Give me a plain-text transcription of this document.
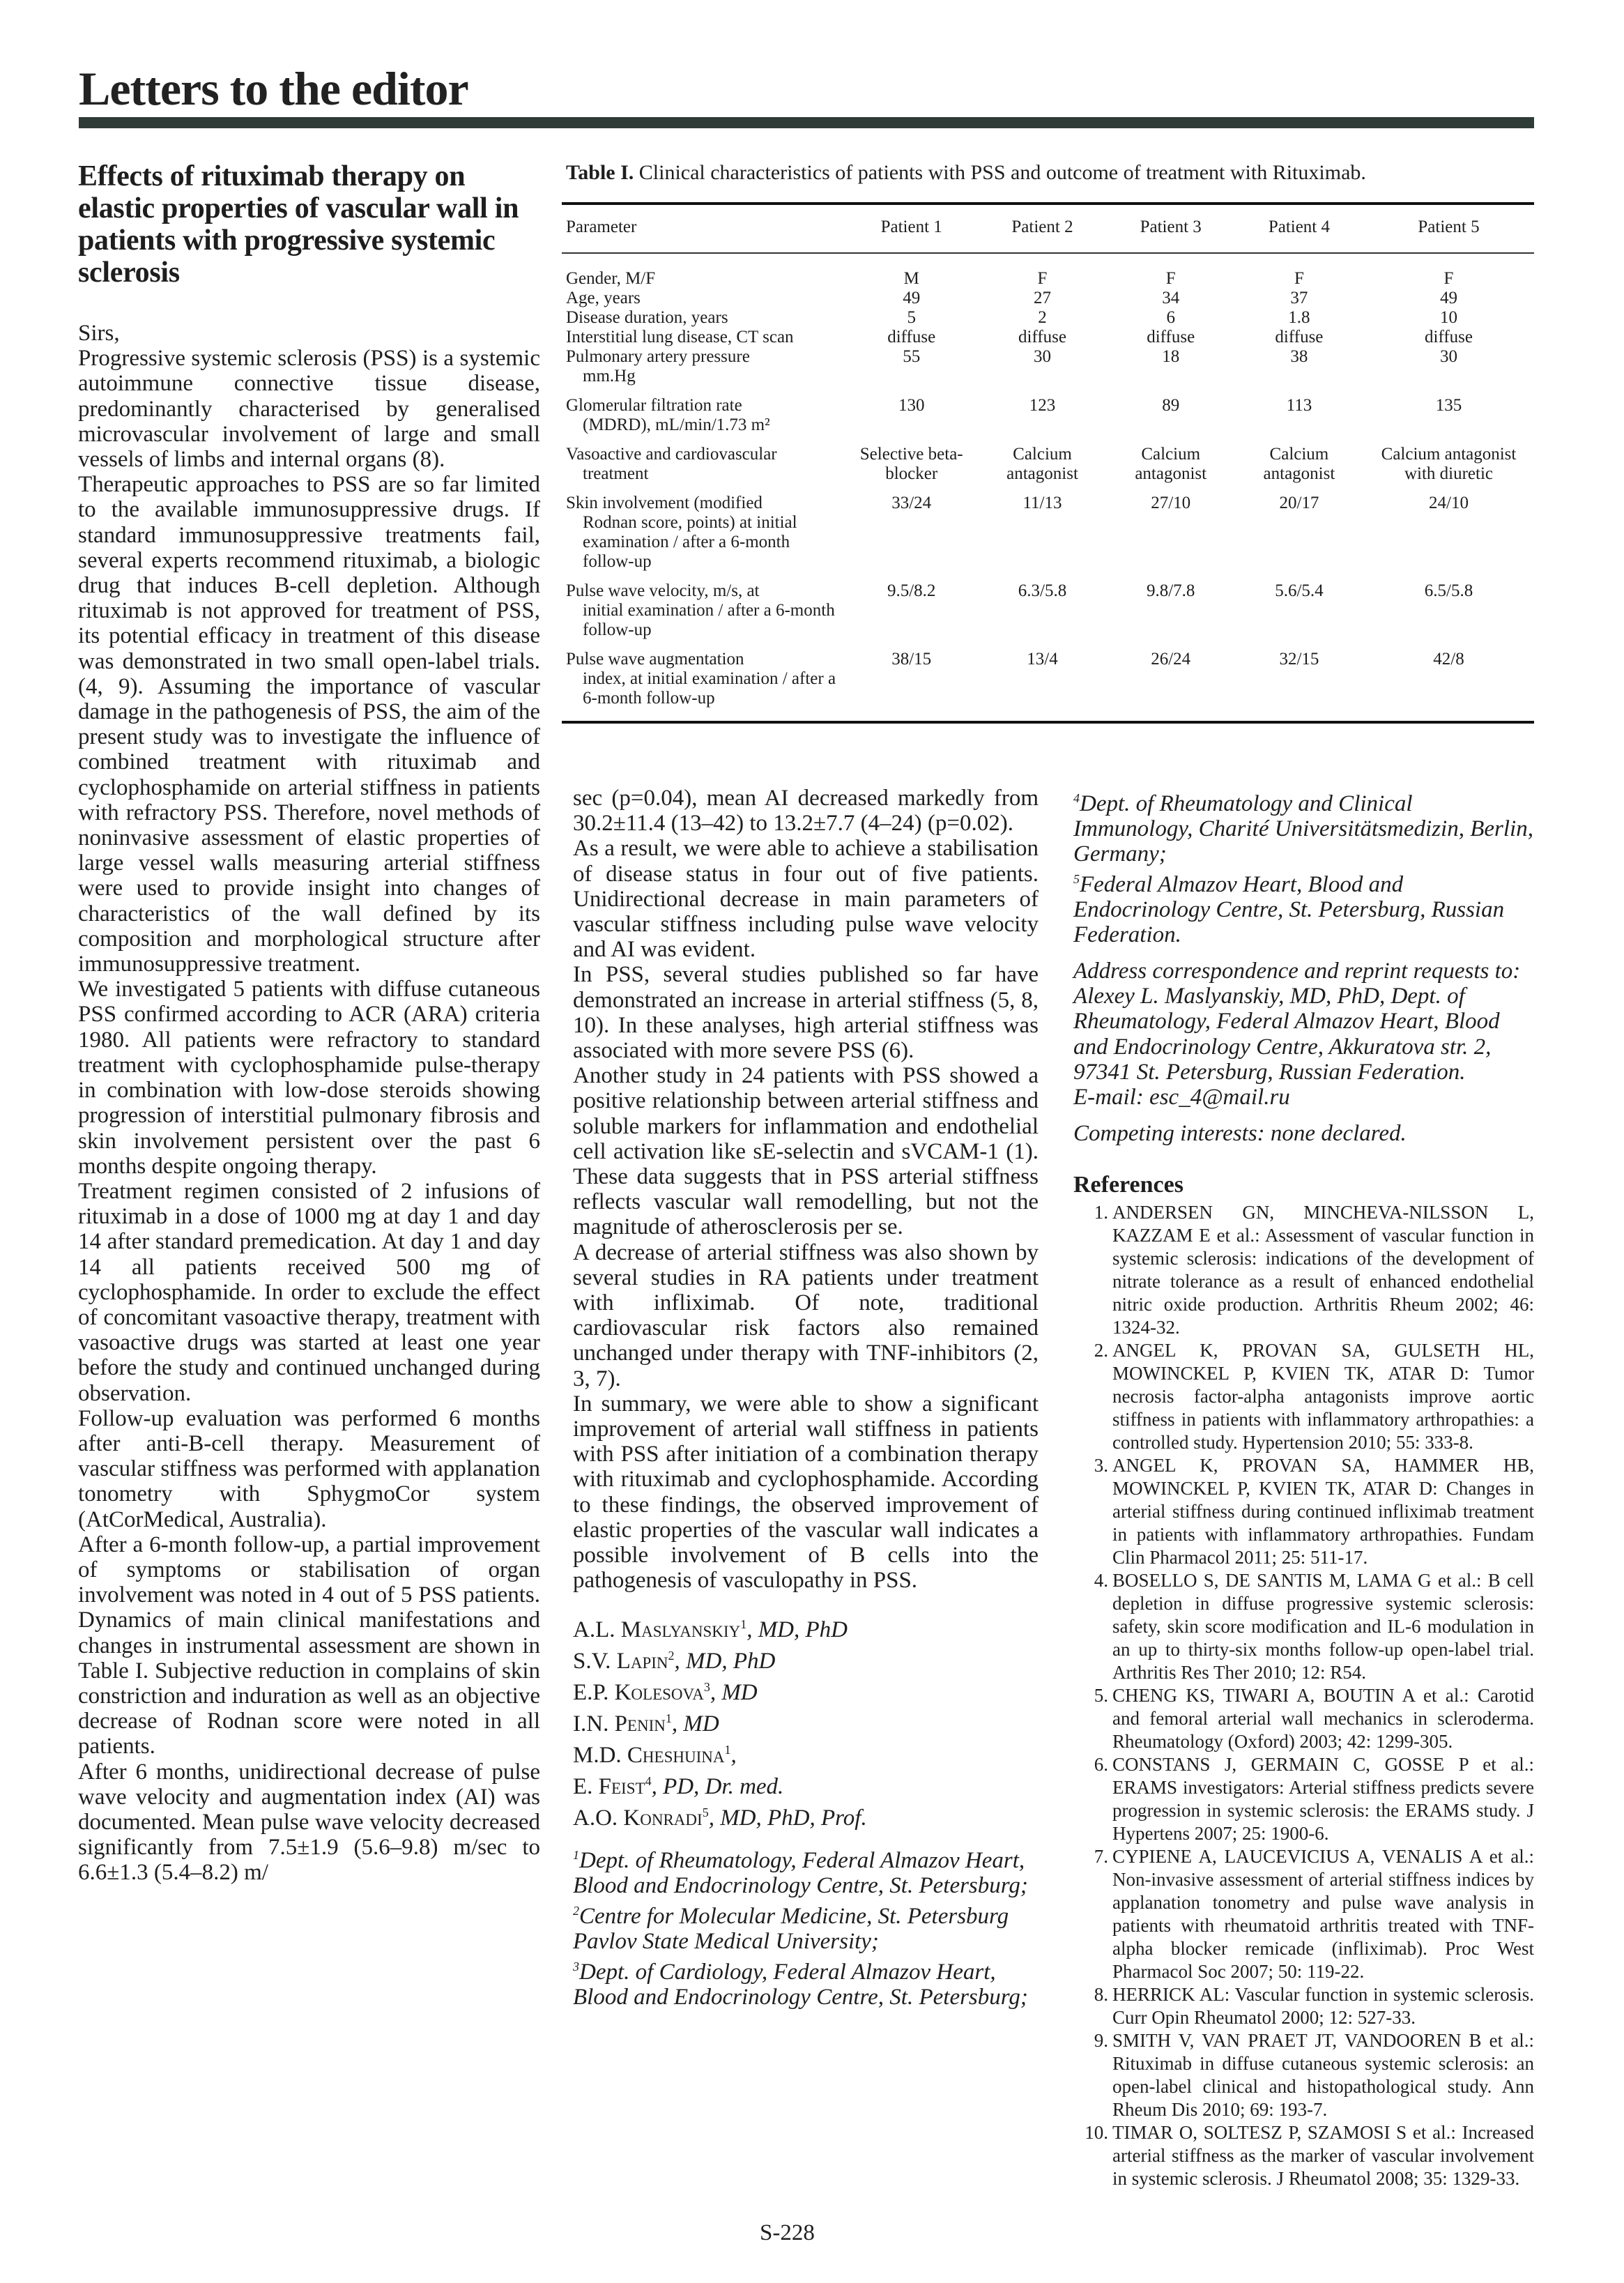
Letters to the editor
Effects of rituximab therapy on elastic properties of vascular wall in patients with progressive systemic sclerosis

Sirs,

Progressive systemic sclerosis (PSS) is a systemic autoimmune connective tissue disease, predominantly characterised by generalised microvascular involvement of large and small vessels of limbs and internal organs (8).

Therapeutic approaches to PSS are so far limited to the available immunosuppressive drugs. If standard immunosuppressive treatments fail, several experts recommend rituximab, a biologic drug that induces B-cell depletion. Although rituximab is not approved for treatment of PSS, its potential efficacy in treatment of this disease was demonstrated in two small open-label trials. (4, 9). Assuming the importance of vascular damage in the pathogenesis of PSS, the aim of the present study was to investigate the influence of combined treatment with rituximab and cyclophosphamide on arterial stiffness in patients with refractory PSS. Therefore, novel methods of noninvasive assessment of elastic properties of large vessel walls measuring arterial stiffness were used to provide insight into changes of characteristics of the wall defined by its composition and morphological structure after immunosuppressive treatment.

We investigated 5 patients with diffuse cutaneous PSS confirmed according to ACR (ARA) criteria 1980. All patients were refractory to standard treatment with cyclophosphamide pulse-therapy in combination with low-dose steroids showing progression of interstitial pulmonary fibrosis and skin involvement persistent over the past 6 months despite ongoing therapy.

Treatment regimen consisted of 2 infusions of rituximab in a dose of 1000 mg at day 1 and day 14 after standard premedication. At day 1 and day 14 all patients received 500 mg of cyclophosphamide. In order to exclude the effect of concomitant vasoactive therapy, treatment with vasoactive drugs was started at least one year before the study and continued unchanged during observation.

Follow-up evaluation was performed 6 months after anti-B-cell therapy. Measurement of vascular stiffness was performed with applanation tonometry with SphygmoCor system (AtCorMedical, Australia).

After a 6-month follow-up, a partial improvement of symptoms or stabilisation of organ involvement was noted in 4 out of 5 PSS patients. Dynamics of main clinical manifestations and changes in instrumental assessment are shown in Table I. Subjective reduction in complains of skin constriction and induration as well as an objective decrease of Rodnan score were noted in all patients.

After 6 months, unidirectional decrease of pulse wave velocity and augmentation index (AI) was documented. Mean pulse wave velocity decreased significantly from 7.5±1.9 (5.6–9.8) m/sec to 6.6±1.3 (5.4–8.2) m/

Table I. Clinical characteristics of patients with PSS and outcome of treatment with Rituximab.

Parameter	Patient 1	Patient 2	Patient 3	Patient 4	Patient 5
Gender, M/F	M	F	F	F	F
Age, years	49	27	34	37	49
Disease duration, years	5	2	6	1.8	10
Interstitial lung disease, CT scan	diffuse	diffuse	diffuse	diffuse	diffuse
Pulmonary artery pressure
mm.Hg	55	30	18	38	30
Glomerular filtration rate
(MDRD), mL/min/1.73 m²	130	123	89	113	135
Vasoactive and cardiovascular
treatment	Selective beta-blocker	Calcium antagonist	Calcium antagonist	Calcium antagonist	Calcium antagonist with diuretic
Skin involvement (modified
Rodnan score, points) at initial examination / after a 6-month follow-up	33/24	11/13	27/10	20/17	24/10
Pulse wave velocity, m/s, at
initial examination / after a 6-month follow-up	9.5/8.2	6.3/5.8	9.8/7.8	5.6/5.4	6.5/5.8
Pulse wave augmentation
index, at initial examination / after a 6-month follow-up	38/15	13/4	26/24	32/15	42/8

sec (p=0.04), mean AI decreased markedly from 30.2±11.4 (13–42) to 13.2±7.7 (4–24) (p=0.02).

As a result, we were able to achieve a stabilisation of disease status in four out of five patients. Unidirectional decrease in main parameters of vascular stiffness including pulse wave velocity and AI was evident.

In PSS, several studies published so far have demonstrated an increase in arterial stiffness (5, 8, 10). In these analyses, high arterial stiffness was associated with more severe PSS (6).

Another study in 24 patients with PSS showed a positive relationship between arterial stiffness and soluble markers for inflammation and endothelial cell activation like sE-selectin and sVCAM-1 (1). These data suggests that in PSS arterial stiffness reflects vascular wall remodelling, but not the magnitude of atherosclerosis per se.

A decrease of arterial stiffness was also shown by several studies in RA patients under treatment with infliximab. Of note, traditional cardiovascular risk factors also remained unchanged under therapy with TNF-inhibitors (2, 3, 7).

In summary, we were able to show a significant improvement of arterial wall stiffness in patients with PSS after initiation of a combination therapy with rituximab and cyclophosphamide. According to these findings, the observed improvement of elastic properties of the vascular wall indicates a possible involvement of B cells into the pathogenesis of vasculopathy in PSS.

A.L. Maslyanskiy$^1$, MD, PhD
S.V. Lapin$^2$, MD, PhD
E.P. Kolesova$^3$, MD
I.N. Penin$^1$, MD
M.D. Cheshuina$^1$,
E. Feist$^4$, PD, Dr. med.
A.O. Konradi$^5$, MD, PhD, Prof.
$^1$Dept. of Rheumatology, Federal Almazov Heart, Blood and Endocrinology Centre, St. Petersburg;
$^2$Centre for Molecular Medicine, St. Petersburg Pavlov State Medical University;
$^3$Dept. of Cardiology, Federal Almazov Heart, Blood and Endocrinology Centre, St. Petersburg;
$^4$Dept. of Rheumatology and Clinical Immunology, Charité Universitätsmedizin, Berlin, Germany;
$^5$Federal Almazov Heart, Blood and Endocrinology Centre, St. Petersburg, Russian Federation.

Address correspondence and reprint requests to: Alexey L. Maslyanskiy, MD, PhD, Dept. of Rheumatology, Federal Almazov Heart, Blood and Endocrinology Centre, Akkuratova str. 2, 97341 St. Petersburg, Russian Federation.

E-mail: esc_4@mail.ru

Competing interests: none declared.

References
1. ANDERSEN GN, MINCHEVA-NILSSON L, KAZZAM E et al.: Assessment of vascular function in systemic sclerosis: indications of the development of nitrate tolerance as a result of enhanced endothelial nitric oxide production. Arthritis Rheum 2002; 46: 1324-32.
2. ANGEL K, PROVAN SA, GULSETH HL, MOWINCKEL P, KVIEN TK, ATAR D: Tumor necrosis factor-alpha antagonists improve aortic stiffness in patients with inflammatory arthropathies: a controlled study. Hypertension 2010; 55: 333-8.
3. ANGEL K, PROVAN SA, HAMMER HB, MOWINCKEL P, KVIEN TK, ATAR D: Changes in arterial stiffness during continued infliximab treatment in patients with inflammatory arthropathies. Fundam Clin Pharmacol 2011; 25: 511-17.
4. BOSELLO S, DE SANTIS M, LAMA G et al.: B cell depletion in diffuse progressive systemic sclerosis: safety, skin score modification and IL-6 modulation in an up to thirty-six months follow-up open-label trial. Arthritis Res Ther 2010; 12: R54.
5. CHENG KS, TIWARI A, BOUTIN A et al.: Carotid and femoral arterial wall mechanics in scleroderma. Rheumatology (Oxford) 2003; 42: 1299-305.
6. CONSTANS J, GERMAIN C, GOSSE P et al.: ERAMS investigators: Arterial stiffness predicts severe progression in systemic sclerosis: the ERAMS study. J Hypertens 2007; 25: 1900-6.
7. CYPIENE A, LAUCEVICIUS A, VENALIS A et al.: Non-invasive assessment of arterial stiffness indices by applanation tonometry and pulse wave analysis in patients with rheumatoid arthritis treated with TNF-alpha blocker remicade (infliximab). Proc West Pharmacol Soc 2007; 50: 119-22.
8. HERRICK AL: Vascular function in systemic sclerosis. Curr Opin Rheumatol 2000; 12: 527-33.
9. SMITH V, VAN PRAET JT, VANDOOREN B et al.: Rituximab in diffuse cutaneous systemic sclerosis: an open-label clinical and histopathological study. Ann Rheum Dis 2010; 69: 193-7.
10. TIMAR O, SOLTESZ P, SZAMOSI S et al.: Increased arterial stiffness as the marker of vascular involvement in systemic sclerosis. J Rheumatol 2008; 35: 1329-33.
S-228
